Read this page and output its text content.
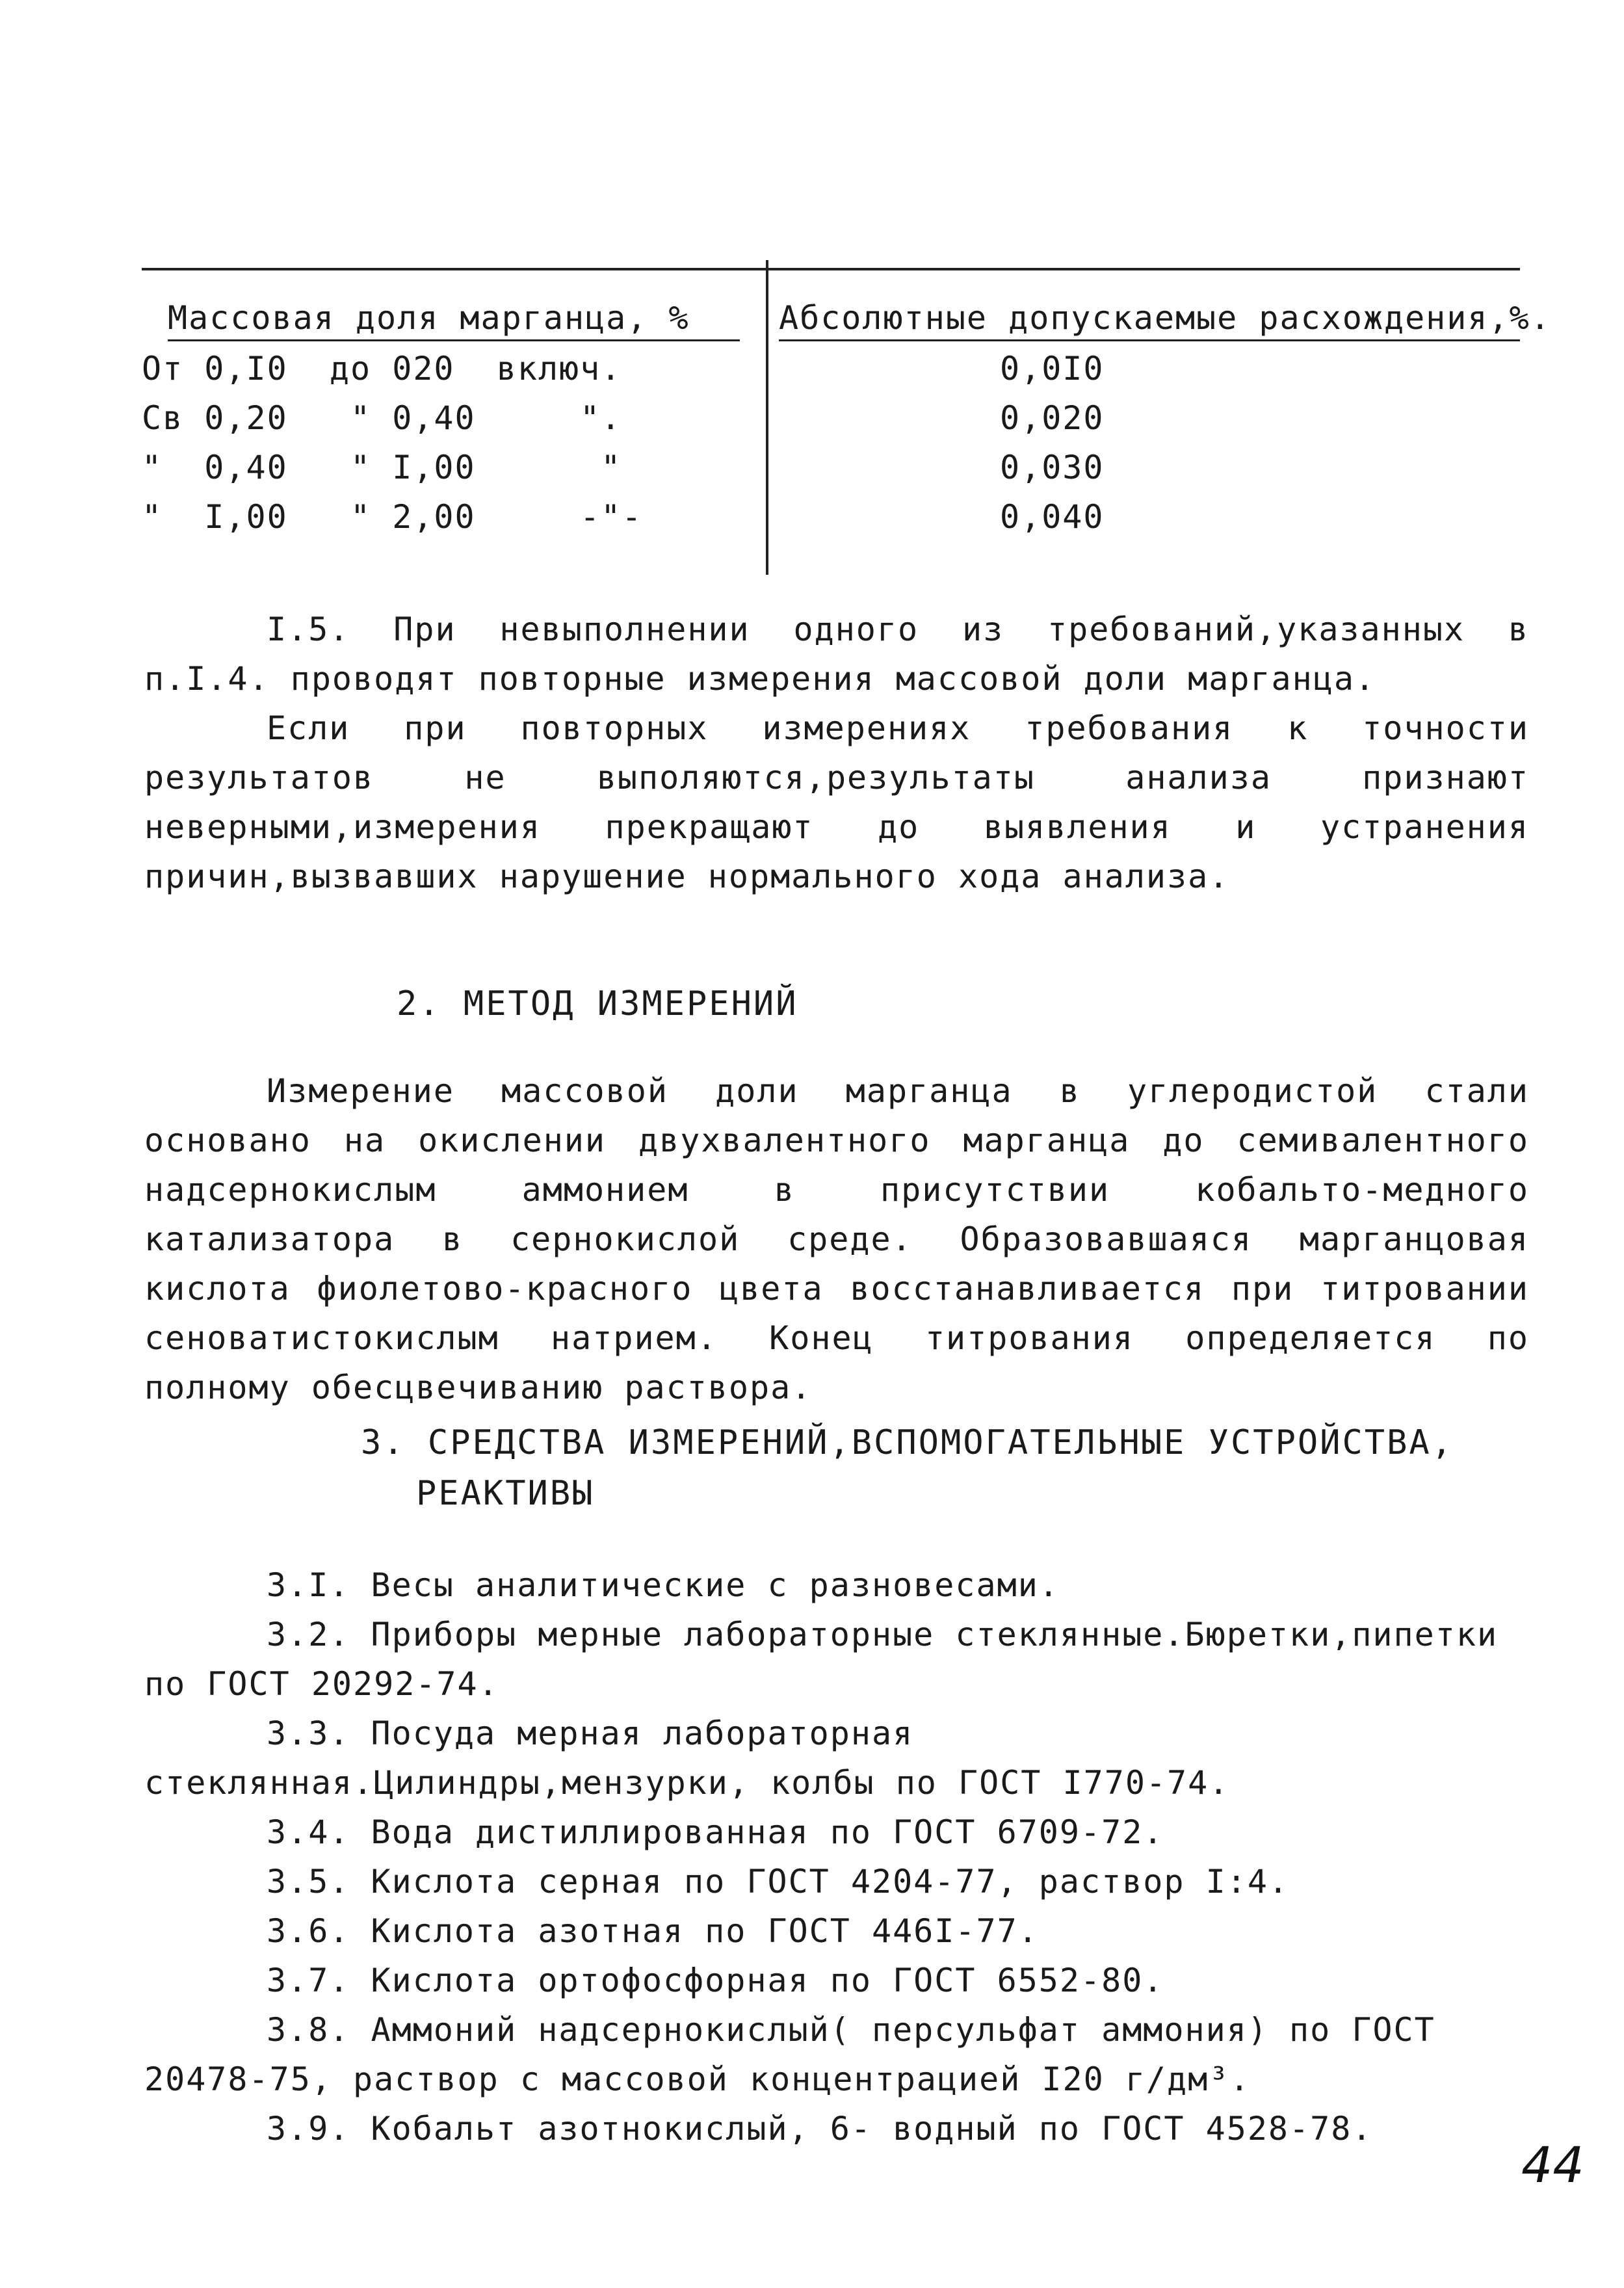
Массовая доля марганца, %	Абсолютные допускаемые расхождения,%.
От 0,I0  до 020  включ.	0,0I0
Св 0,20   " 0,40     ".	0,020
"  0,40   " I,00      "	0,030
"  I,00   " 2,00     -"-	0,040

I.5. При невыполнении одного из требований,указанных в п.I.4. проводят повторные измерения массовой доли марганца.

Если при повторных измерениях требования к точности результатов не выполяются,результаты анализа признают неверными,измерения прекращают до выявления и устранения причин,вызвавших нарушение нормального хода анализа.

2. МЕТОД ИЗМЕРЕНИЙ

Измерение массовой доли марганца в углеродистой стали основано на окислении двухвалентного марганца до семивалентного надсернокислым аммонием в присутствии кобальто-медного катализатора в сернокислой среде. Образовавшаяся марганцовая кислота фиолетово-красного цвета восстанавливается при титровании сеноватистокислым натрием. Конец титрования определяется по полному обесцвечиванию раствора.

3. СРЕДСТВА ИЗМЕРЕНИЙ,ВСПОМОГАТЕЛЬНЫЕ УСТРОЙСТВА,

РЕАКТИВЫ

3.I. Весы аналитические с разновесами.

3.2. Приборы мерные лабораторные стеклянные.Бюретки,пипетки по ГОСТ 20292-74.

3.3. Посуда мерная лабораторная стеклянная.Цилиндры,мензурки, колбы по ГОСТ I770-74.

3.4. Вода дистиллированная по ГОСТ 6709-72.

3.5. Кислота серная по ГОСТ 4204-77, раствор I:4.

3.6. Кислота азотная по ГОСТ 446I-77.

3.7. Кислота ортофосфорная по ГОСТ 6552-80.

3.8. Аммоний надсернокислый( персульфат аммония) по ГОСТ 20478-75, раствор с массовой концентрацией I20 г/дм³.

3.9. Кобальт азотнокислый, 6- водный по ГОСТ 4528-78.

44
